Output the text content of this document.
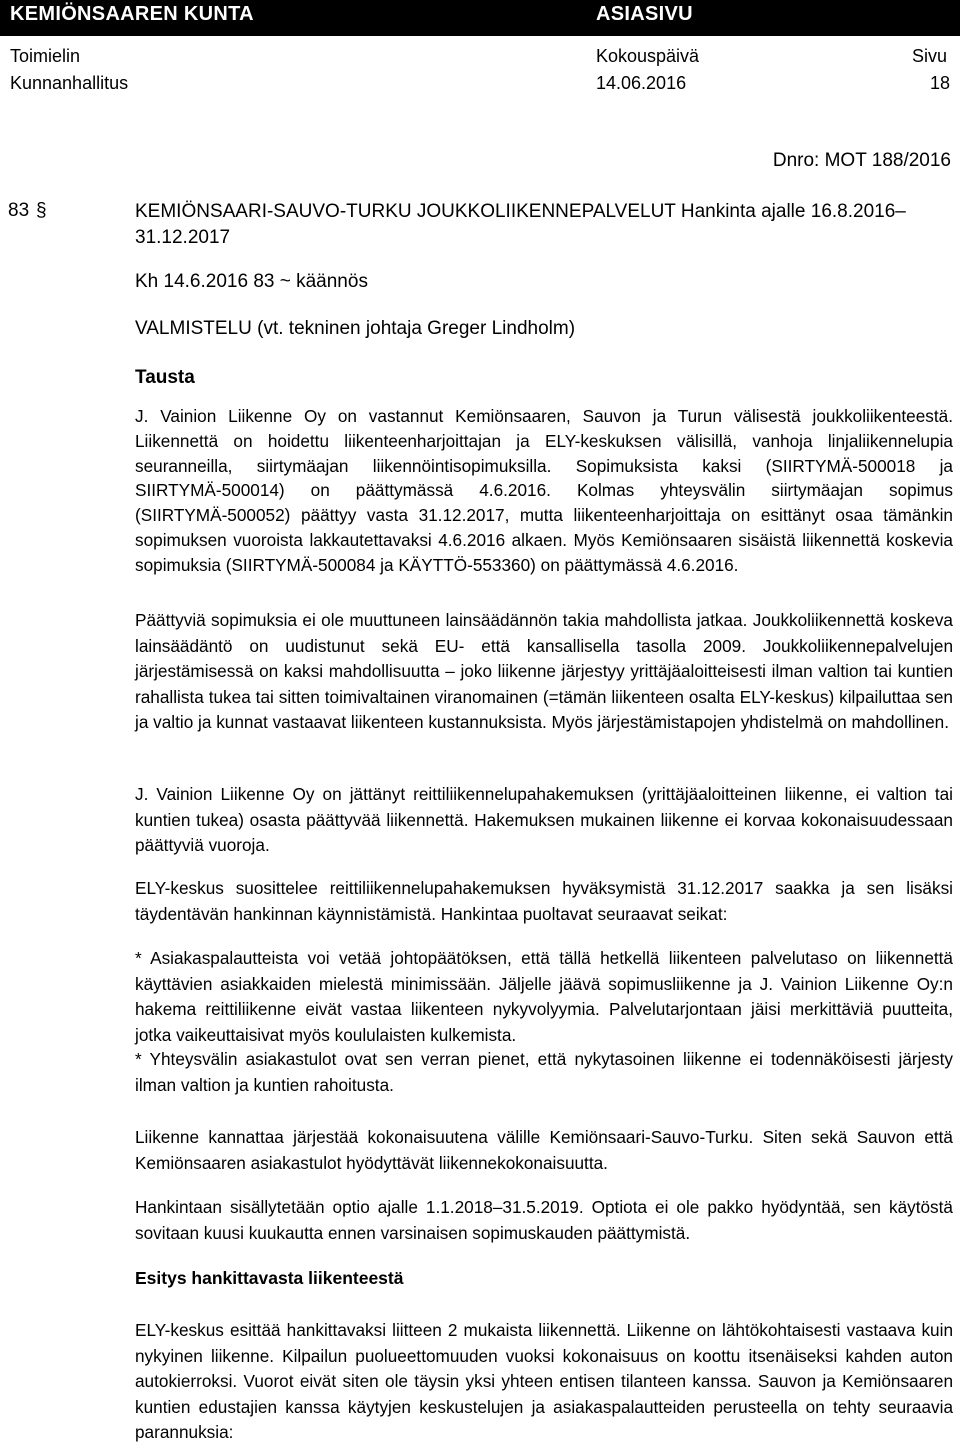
KEMIÖNSAAREN KUNTA	ASIASIVU
Toimielin
Kunnanhallitus
Kokouspäivä
14.06.2016
Sivu
18
Dnro: MOT 188/2016
83 §	KEMIÖNSAARI-SAUVO-TURKU JOUKKOLIIKENNEPALVELUT Hankinta ajalle 16.8.2016–31.12.2017
Kh 14.6.2016 83 ~ käännös
VALMISTELU (vt. tekninen johtaja Greger Lindholm)
Tausta
J. Vainion Liikenne Oy on vastannut Kemiönsaaren, Sauvon ja Turun välisestä joukkoliikenteestä. Liikennettä on hoidettu liikenteenharjoittajan ja ELY-keskuksen välisillä, vanhoja linjaliikennelupia seuranneilla, siirtymäajan liikennöintisopimuksilla. Sopimuksista kaksi (SIIRTYMÄ-500018 ja SIIRTYMÄ-500014) on päättymässä 4.6.2016. Kolmas yhteysvälin siirtymäajan sopimus (SIIRTYMÄ-500052) päättyy vasta 31.12.2017, mutta liikenteenharjoittaja on esittänyt osaa tämänkin sopimuksen vuoroista lakkautettavaksi 4.6.2016 alkaen. Myös Kemiönsaaren sisäistä liikennettä koskevia sopimuksia (SIIRTYMÄ-500084 ja KÄYTTÖ-553360) on päättymässä 4.6.2016.
Päättyviä sopimuksia ei ole muuttuneen lainsäädännön takia mahdollista jatkaa. Joukkoliikennettä koskeva lainsäädäntö on uudistunut sekä EU- että kansallisella tasolla 2009. Joukkoliikennepalvelujen järjestämisessä on kaksi mahdollisuutta – joko liikenne järjestyy yrittäjäaloitteisesti ilman valtion tai kuntien rahallista tukea tai sitten toimivaltainen viranomainen (=tämän liikenteen osalta ELY-keskus) kilpailuttaa sen ja valtio ja kunnat vastaavat liikenteen kustannuksista. Myös järjestämistapojen yhdistelmä on mahdollinen.
J. Vainion Liikenne Oy on jättänyt reittiliikennelupahakemuksen (yrittäjäaloitteinen liikenne, ei valtion tai kuntien tukea) osasta päättyvää liikennettä. Hakemuksen mukainen liikenne ei korvaa kokonaisuudessaan päättyviä vuoroja.
ELY-keskus suosittelee reittiliikennelupahakemuksen hyväksymistä 31.12.2017 saakka ja sen lisäksi täydentävän hankinnan käynnistämistä. Hankintaa puoltavat seuraavat seikat:
* Asiakaspalautteista voi vetää johtopäätöksen, että tällä hetkellä liikenteen palvelutaso on liikennettä käyttävien asiakkaiden mielestä minimissään. Jäljelle jäävä sopimusliikenne ja J. Vainion Liikenne Oy:n hakema reittiliikenne eivät vastaa liikenteen nykyvolyymia. Palvelutarjontaan jäisi merkittäviä puutteita, jotka vaikeuttaisivat myös koululaisten kulkemista.
* Yhteysvälin asiakastulot ovat sen verran pienet, että nykytasoinen liikenne ei todennäköisesti järjesty ilman valtion ja kuntien rahoitusta.
Liikenne kannattaa järjestää kokonaisuutena välille Kemiönsaari-Sauvo-Turku. Siten sekä Sauvon että Kemiönsaaren asiakastulot hyödyttävät liikennekokonaisuutta.
Hankintaan sisällytetään optio ajalle 1.1.2018–31.5.2019. Optiota ei ole pakko hyödyntää, sen käytöstä sovitaan kuusi kuukautta ennen varsinaisen sopimuskauden päättymistä.
Esitys hankittavasta liikenteestä
ELY-keskus esittää hankittavaksi liitteen 2 mukaista liikennettä. Liikenne on lähtökohtaisesti vastaava kuin nykyinen liikenne. Kilpailun puolueettomuuden vuoksi kokonaisuus on koottu itsenäiseksi kahden auton autokierroksi. Vuorot eivät siten ole täysin yksi yhteen entisen tilanteen kanssa. Sauvon ja Kemiönsaaren kuntien edustajien kanssa käytyjen keskustelujen ja asiakaspalautteiden perusteella on tehty seuraavia parannuksia:
